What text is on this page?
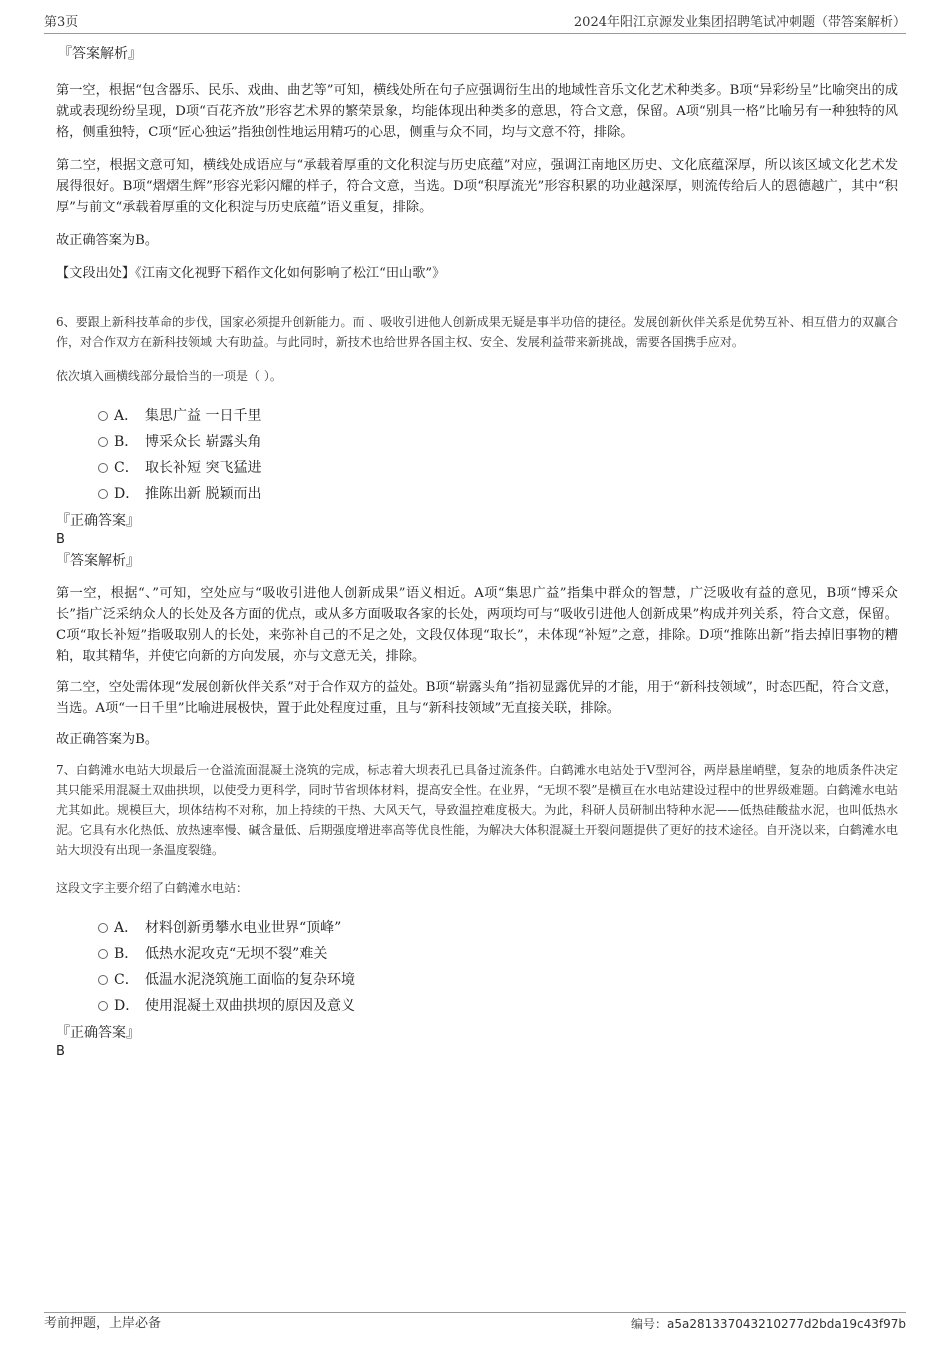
第3页	2024年阳江京源发业集团招聘笔试冲刺题（带答案解析）

『答案解析』

第一空，根据“包含器乐、民乐、戏曲、曲艺等”可知，横线处所在句子应强调衍生出的地域性音乐文化艺术种类多。B项“异彩纷呈”比喻突出的成就或表现纷纷呈现，D项“百花齐放”形容艺术界的繁荣景象，均能体现出种类多的意思，符合文意，保留。A项“别具一格”比喻另有一种独特的风格，侧重独特，C项“匠心独运”指独创性地运用精巧的心思，侧重与众不同，均与文意不符，排除。

第二空，根据文意可知，横线处成语应与“承载着厚重的文化积淀与历史底蕴”对应，强调江南地区历史、文化底蕴深厚，所以该区域文化艺术发展得很好。B项“熠熠生辉”形容光彩闪耀的样子，符合文意，当选。D项“积厚流光”形容积累的功业越深厚，则流传给后人的恩德越广，其中“积厚”与前文“承载着厚重的文化积淀与历史底蕴”语义重复，排除。

故正确答案为B。

【文段出处】《江南文化视野下稻作文化如何影响了松江“田山歌”》

6、要跟上新科技革命的步伐，国家必须提升创新能力。而 、吸收引进他人创新成果无疑是事半功倍的捷径。发展创新伙伴关系是优势互补、相互借力的双赢合作，对合作双方在新科技领域 大有助益。与此同时，新技术也给世界各国主权、安全、发展利益带来新挑战，需要各国携手应对。

依次填入画横线部分最恰当的一项是（ ）。

A． 集思广益 一日千里
B． 博采众长 崭露头角
C． 取长补短 突飞猛进
D． 推陈出新 脱颖而出

『正确答案』

B

『答案解析』

第一空，根据“、”可知，空处应与“吸收引进他人创新成果”语义相近。A项“集思广益”指集中群众的智慧，广泛吸收有益的意见，B项“博采众长”指广泛采纳众人的长处及各方面的优点，或从多方面吸取各家的长处，两项均可与“吸收引进他人创新成果”构成并列关系，符合文意，保留。C项“取长补短”指吸取别人的长处，来弥补自己的不足之处，文段仅体现“取长”，未体现“补短”之意，排除。D项“推陈出新”指去掉旧事物的糟粕，取其精华，并使它向新的方向发展，亦与文意无关，排除。

第二空，空处需体现“发展创新伙伴关系”对于合作双方的益处。B项“崭露头角”指初显露优异的才能，用于“新科技领域”，时态匹配，符合文意，当选。A项“一日千里”比喻进展极快，置于此处程度过重，且与“新科技领域”无直接关联，排除。

故正确答案为B。

7、白鹤滩水电站大坝最后一仓溢流面混凝土浇筑的完成，标志着大坝表孔已具备过流条件。白鹤滩水电站处于V型河谷，两岸悬崖峭壁，复杂的地质条件决定其只能采用混凝土双曲拱坝，以使受力更科学，同时节省坝体材料，提高安全性。在业界，“无坝不裂”是横亘在水电站建设过程中的世界级难题。白鹤滩水电站尤其如此。规模巨大，坝体结构不对称，加上持续的干热、大风天气，导致温控难度极大。为此，科研人员研制出特种水泥——低热硅酸盐水泥，也叫低热水泥。它具有水化热低、放热速率慢、碱含量低、后期强度增进率高等优良性能，为解决大体积混凝土开裂问题提供了更好的技术途径。自开浇以来，白鹤滩水电站大坝没有出现一条温度裂缝。

这段文字主要介绍了白鹤滩水电站：

A． 材料创新勇攀水电业世界“顶峰”
B． 低热水泥攻克“无坝不裂”难关
C． 低温水泥浇筑施工面临的复杂环境
D． 使用混凝土双曲拱坝的原因及意义

『正确答案』

B

考前押题，上岸必备	编号：a5a28133704321027​7d2bda19c43f97b
